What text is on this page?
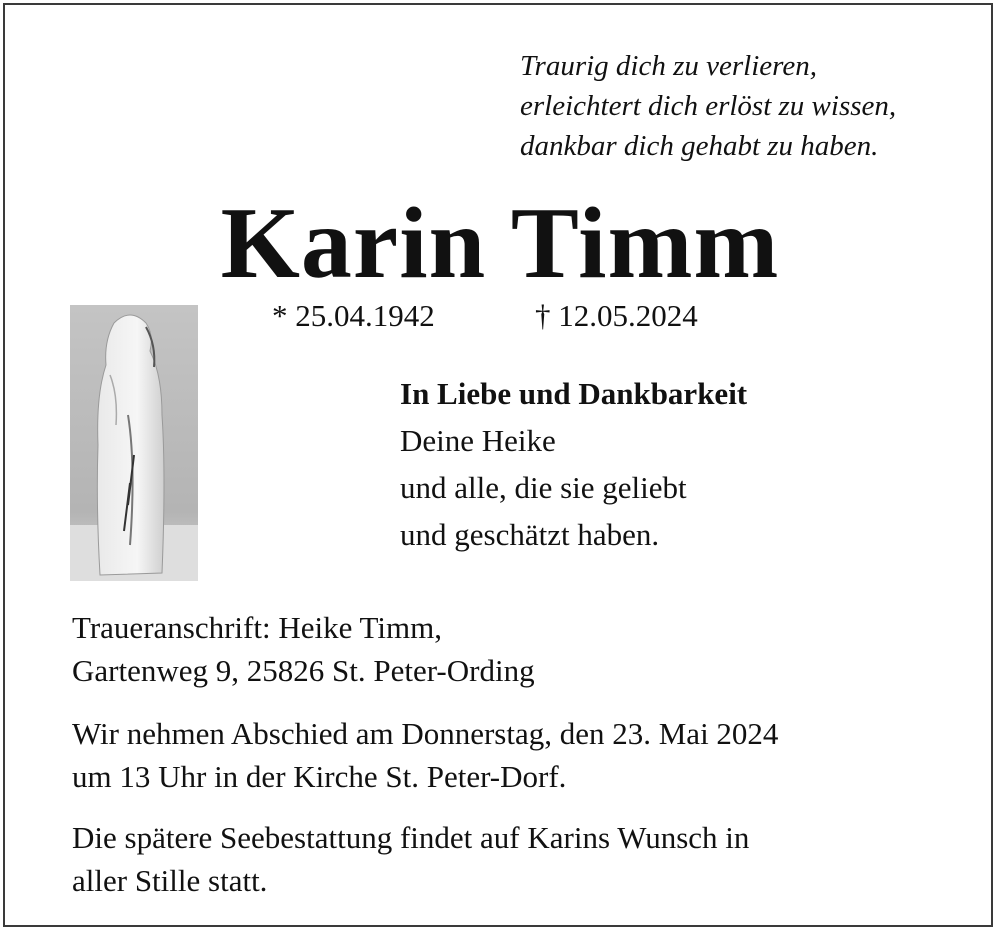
Traurig dich zu verlieren,
erleichtert dich erlöst zu wissen,
dankbar dich gehabt zu haben.
Karin Timm
* 25.04.1942	† 12.05.2024
In Liebe und Dankbarkeit
Deine Heike
und alle, die sie geliebt
und geschätzt haben.
Traueranschrift: Heike Timm,
Gartenweg 9, 25826 St. Peter-Ording
Wir nehmen Abschied am Donnerstag, den 23. Mai 2024
um 13 Uhr in der Kirche St. Peter-Dorf.
Die spätere Seebestattung findet auf Karins Wunsch in
aller Stille statt.
